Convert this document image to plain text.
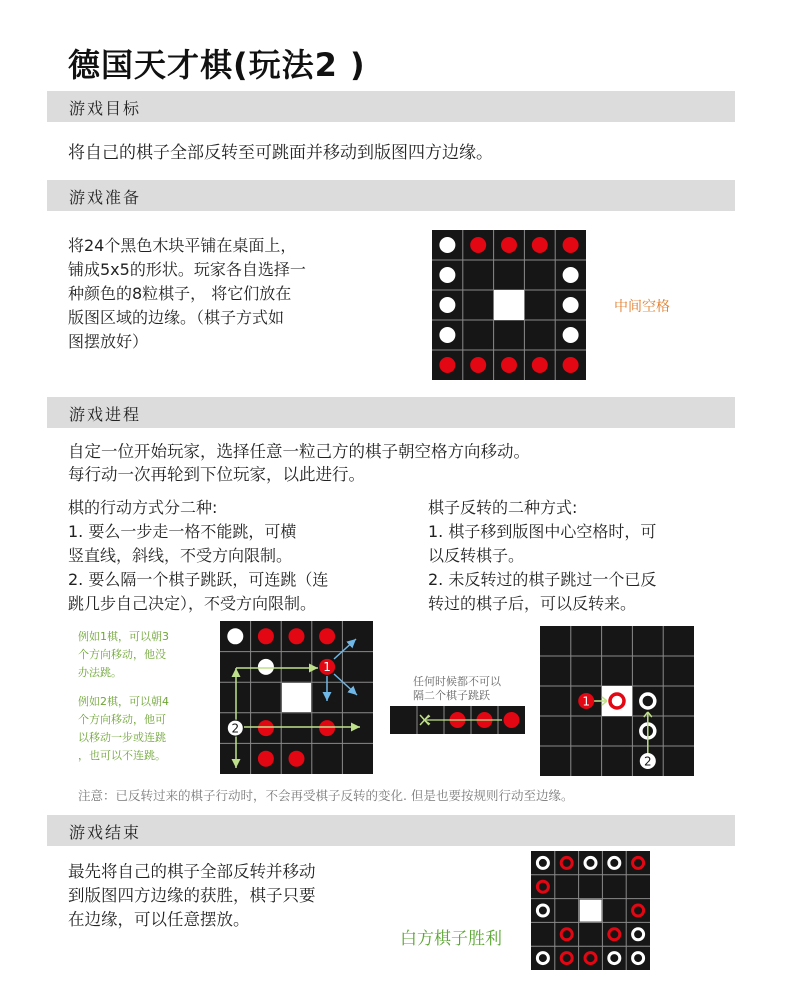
德国天才棋(玩法2 )
游戏目标
将自己的棋子全部反转至可跳面并移动到版图四方边缘。
游戏准备
将24个黑色木块平铺在桌面上，
铺成5x5的形状。玩家各自选择一
种颜色的8粒棋子， 将它们放在
版图区域的边缘。（棋子方式如
图摆放好）
中间空格
游戏进程
自定一位开始玩家，选择任意一粒己方的棋子朝空格方向移动。
每行动一次再轮到下位玩家，以此进行。
棋的行动方式分二种:
1. 要么一步走一格不能跳，可横
竖直线，斜线，不受方向限制。
2. 要么隔一个棋子跳跃，可连跳（连
跳几步自己决定），不受方向限制。
棋子反转的二种方式:
1. 棋子移到版图中心空格时，可
以反转棋子。
2. 未反转过的棋子跳过一个已反
转过的棋子后，可以反转来。
例如1棋，可以朝3
个方向移动，他没
办法跳。
例如2棋，可以朝4
个方向移动，他可
以移动一步或连跳
，也可以不连跳。
2
1
任何时候都不可以
隔二个棋子跳跃	1
2
注意：已反转过来的棋子行动时，不会再受棋子反转的变化. 但是也要按规则行动至边缘。
游戏结束
最先将自己的棋子全部反转并移动
到版图四方边缘的获胜，棋子只要
在边缘，可以任意摆放。
白方棋子胜利
